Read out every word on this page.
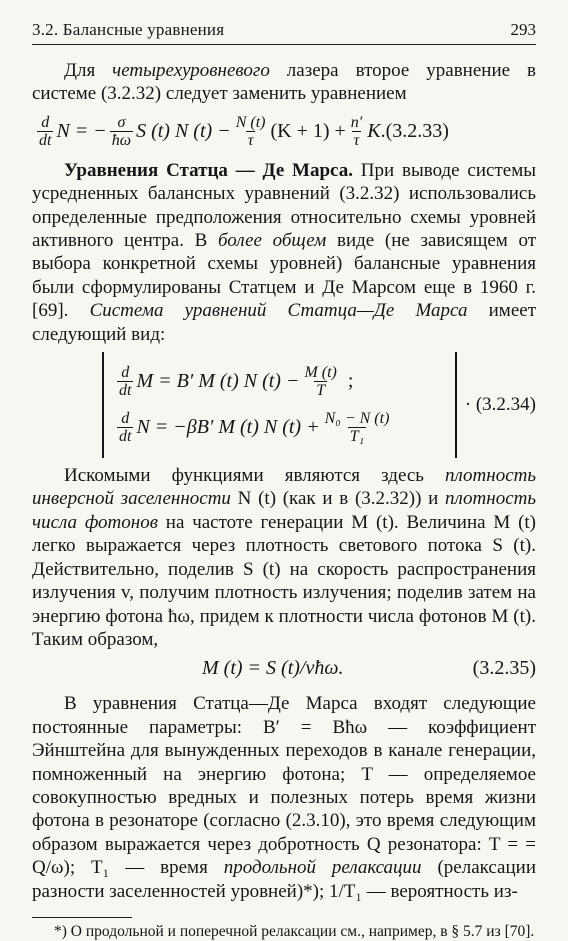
3.2. Балансные уравнения	293

Для четырехуровневого лазера второе уравнение в системе (3.2.32) следует заменить уравнением

$\frac{d}{dt}$ N = − $\frac{\sigma}{ħ\omega}$ S (t) N $(t) - \frac{N (t)}{\tau} (K + 1) + \frac{n'}{\tau}$ K .(3.2.33)

Уравнения Статца — Де Марса. При выводе системы усредненных балансных уравнений (3.2.32) использовались определенные предположения относительно схемы уровней активного центра. В более общем виде (не зависящем от выбора конкретной схемы уровней) балансные уравнения были сформулированы Статцем и Де Марсом еще в 1960 г. [69]. Система уравнений Статца—Де Марса имеет следующий вид:

$\frac{d}{dt}$ M = B′ M (t) N $(t) - \frac{M (t)}{T}$ ;
$\frac{d}{dt}$ N = −βB′ M (t) N $(t) + \frac{\text{N₀ − N (t)}}{\text{T₁}}$
· (3.2.34)

Искомыми функциями являются здесь плотность инверсной заселенности N (t) (как и в (3.2.32)) и плотность числа фотонов на частоте генерации M (t). Величина M (t) легко выражается через плотность светового потока S (t). Действительно, поделив S (t) на скорость распространения излучения v, получим плотность излучения; поделив затем на энергию фотона ħω, придем к плотности числа фотонов M (t). Таким образом,

M (t) = S (t)/vħω.	(3.2.35)

В уравнения Статца—Де Марса входят следующие постоянные параметры: B′ = Bħω — коэффициент Эйнштейна для вынужденных переходов в канале генерации, помноженный на энергию фотона; T — определяемое совокупностью вредных и полезных потерь время жизни фотона в резонаторе (согласно (2.3.10), это время следующим образом выражается через добротность Q резонатора: T = = Q/ω); T₁ — время продольной релаксации (релаксации разности заселенностей уровней)*); 1/T₁ — вероятность из-

*) О продольной и поперечной релаксации см., например, в § 5.7 из [70].
